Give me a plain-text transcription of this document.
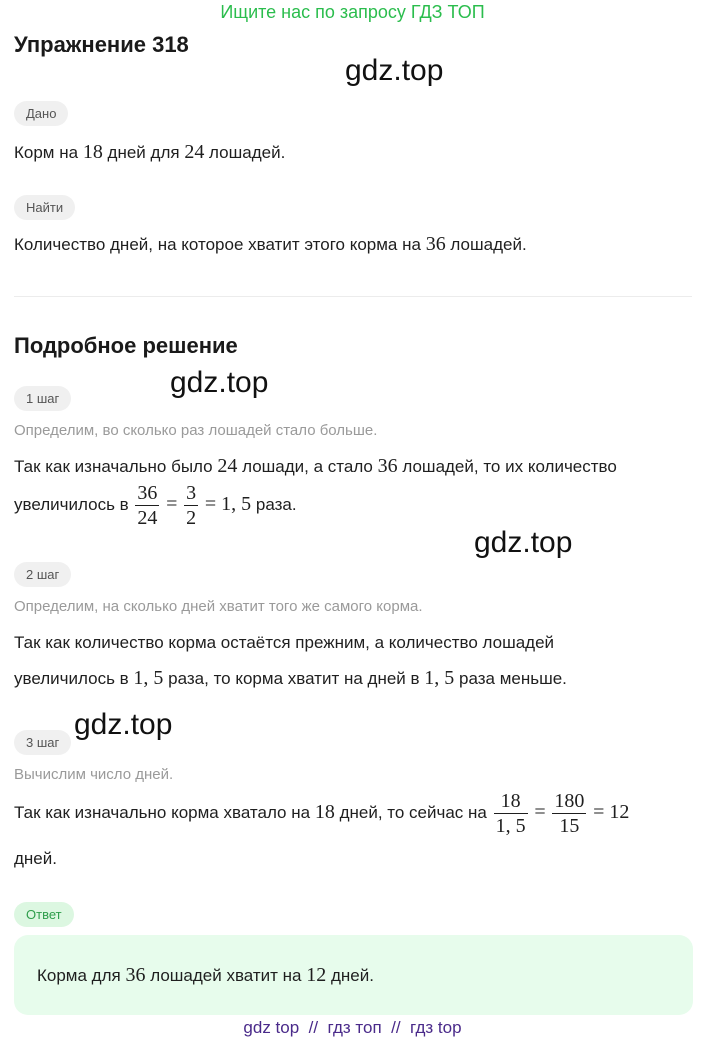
Ищите нас по запросу ГДЗ ТОП
Упражнение 318
gdz.top
Дано
Корм на 18 дней для 24 лошадей.
Найти
Количество дней, на которое хватит этого корма на 36 лошадей.
Подробное решение
gdz.top
1 шаг
Определим, во сколько раз лошадей стало больше.
Так как изначально было 24 лошади, а стало 36 лошадей, то их количество
увеличилось в $\frac{36}{24} = \frac{3}{2} = 1$, 5 раза.
gdz.top
2 шаг
Определим, на сколько дней хватит того же самого корма.
Так как количество корма остаётся прежним, а количество лошадей
увеличилось в 1, 5 раза, то корма хватит на дней в 1, 5 раза меньше.
gdz.top
3 шаг
Вычислим число дней.
Так как изначально корма хватало на 18 дней, то сейчас на $\frac{18}{1, 5} = \frac{180}{15} = 12$
дней.
Ответ
Корма для 36 лошадей хватит на 12 дней.
gdz top // гдз топ // гдз top
